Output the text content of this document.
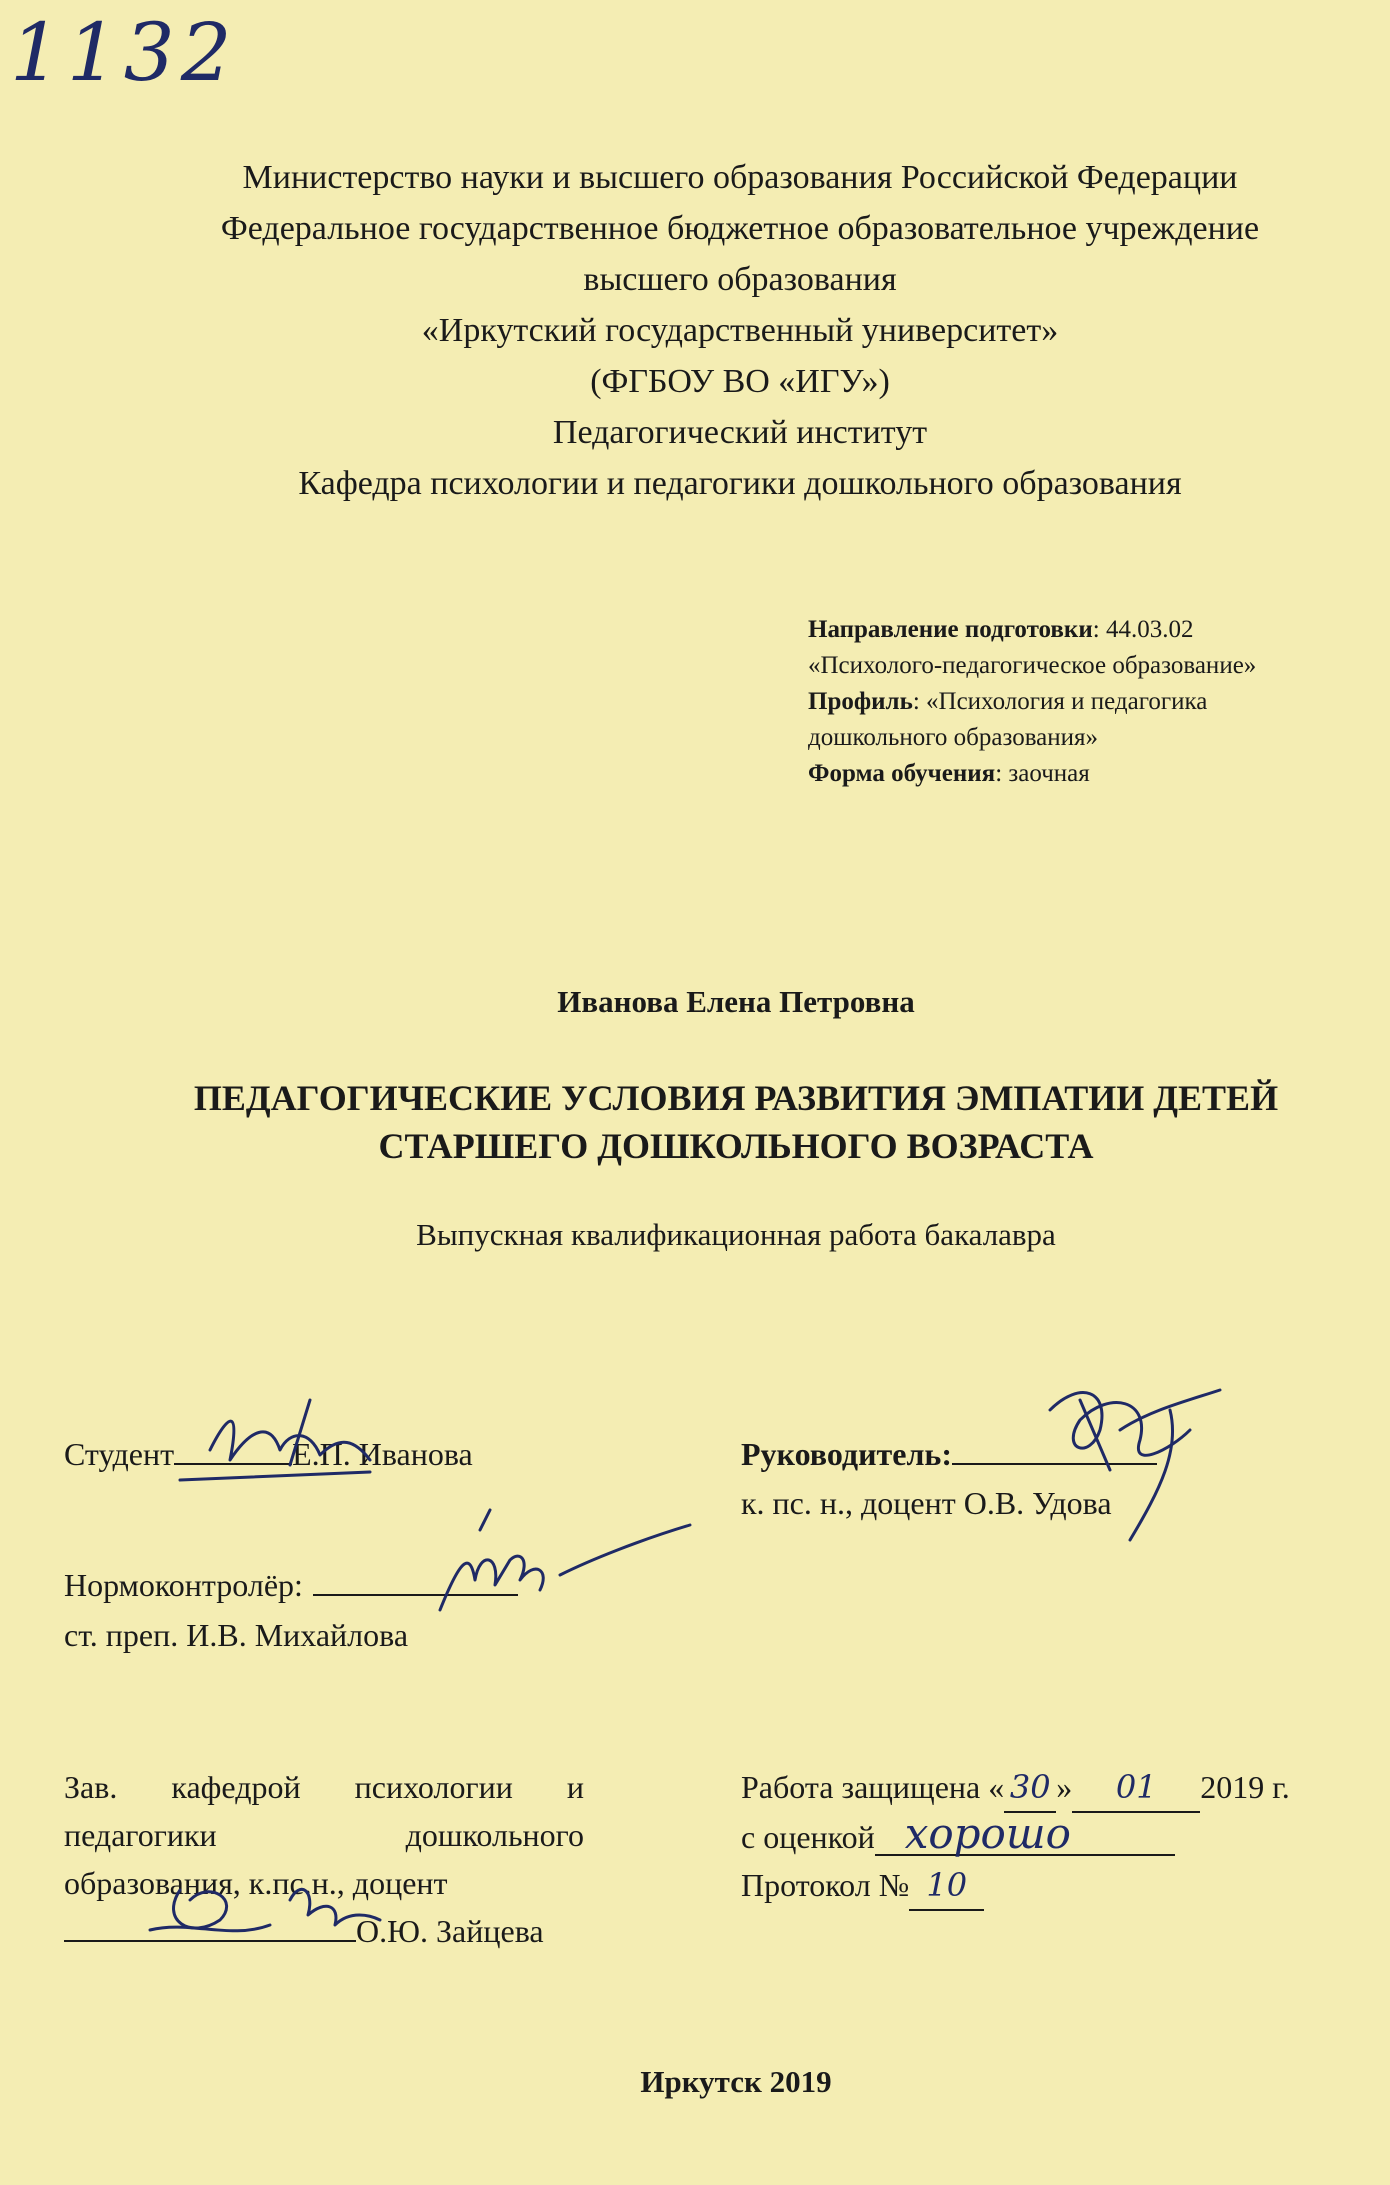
1132
Министерство науки и высшего образования Российской Федерации
Федеральное государственное бюджетное образовательное учреждение
высшего образования
«Иркутский государственный университет»
(ФГБОУ ВО «ИГУ»)
Педагогический институт
Кафедра психологии и педагогики дошкольного образования
Направление подготовки: 44.03.02
«Психолого-педагогическое образование»
Профиль: «Психология и педагогика
дошкольного образования»
Форма обучения: заочная
Иванова Елена Петровна
ПЕДАГОГИЧЕСКИЕ УСЛОВИЯ РАЗВИТИЯ ЭМПАТИИ ДЕТЕЙ
СТАРШЕГО ДОШКОЛЬНОГО ВОЗРАСТА
Выпускная квалификационная работа бакалавра
Студент	Е.П. Иванова	Руководитель:
к. пс. н., доцент О.В. Удова
Нормоконтролёр:
ст. преп. И.В. Михайлова
Зав. кафедрой психологии и
педагогики	дошкольного
образования, к.пс.н., доцент
О.Ю. Зайцева
Работа защищена « 30 » 01 2019 г.
с оценкой хорошо
Протокол № 10
Иркутск 2019
